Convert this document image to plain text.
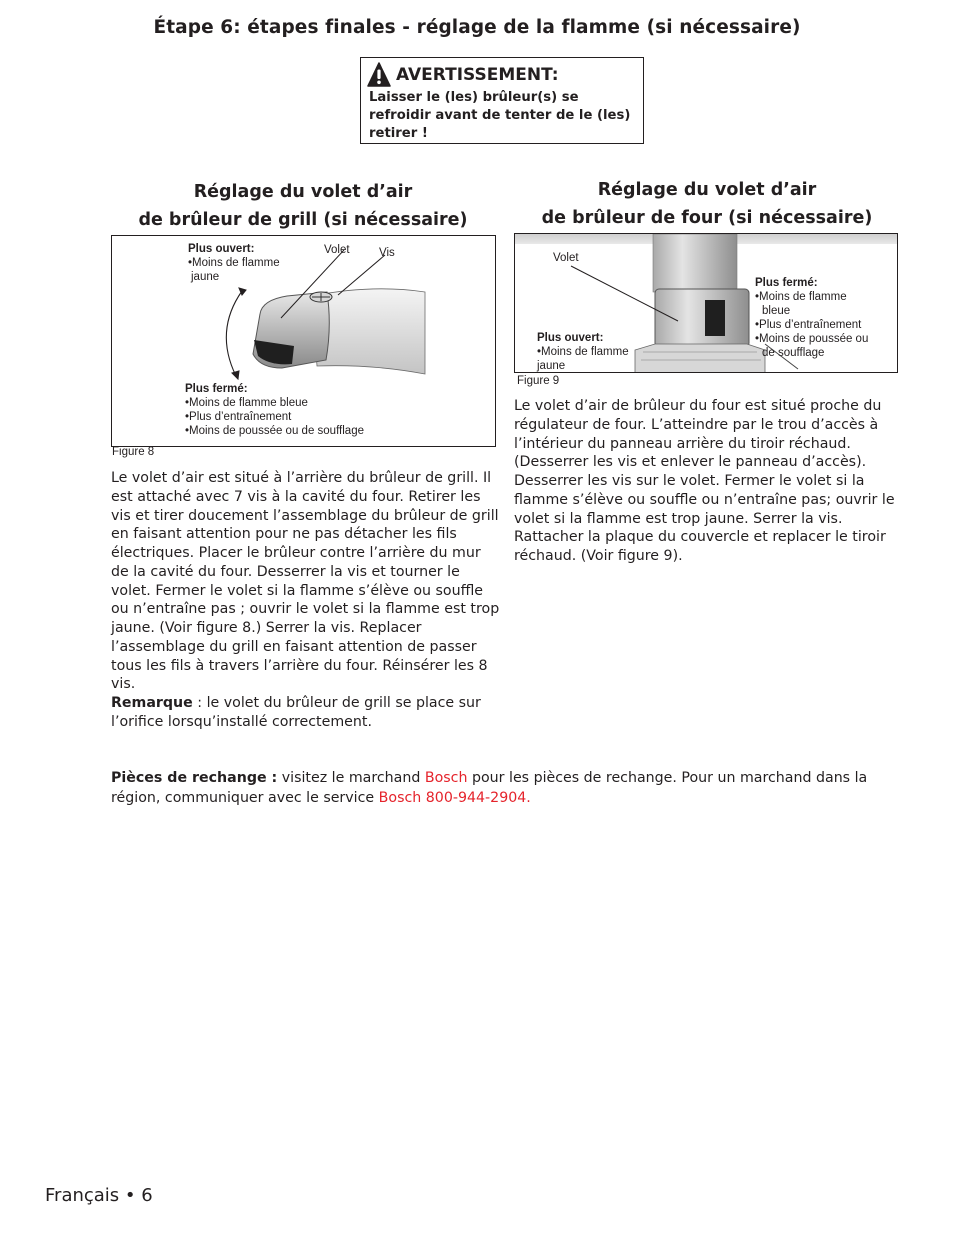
Étape 6: étapes finales - réglage de la flamme (si nécessaire)
AVERTISSEMENT:
Laisser le (les) brûleur(s) se refroidir avant de tenter de le (les) retirer !
Réglage du volet d’air
de brûleur de grill (si nécessaire)
Plus ouvert:
•Moins de flamme
jaune
Volet	Vis
Plus fermé:
•Moins de flamme bleue
•Plus d’entraînement
•Moins de poussée ou de soufflage
Figure 8
Le volet d’air est situé à l’arrière du brûleur de grill. Il est attaché avec 7 vis à la cavité du four. Retirer les vis et tirer doucement l’assemblage du brûleur de grill en faisant attention pour ne pas détacher les fils électriques. Placer le brûleur contre l’arrière du mur de la cavité du four. Desserrer la vis et tourner le volet. Fermer le volet si la flamme s’élève ou souffle ou n’entraîne pas ; ouvrir le volet si la flamme est trop jaune. (Voir figure 8.) Serrer la vis. Replacer l’assemblage du grill en faisant attention de passer tous les fils à travers l’arrière du four. Réinsérer les 8 vis.
Remarque : le volet du brûleur de grill se place sur l’orifice lorsqu’installé correctement.
Réglage du volet d’air
de brûleur de four (si nécessaire)
Volet
Plus fermé:
•Moins de flamme
bleue
•Plus d’entraînement
•Moins de poussée ou
de soufflage
Plus ouvert:
•Moins de flamme
jaune
Figure 9
Le volet d’air de brûleur du four est situé proche du régulateur de four. L’atteindre par le trou d’accès à l’intérieur du panneau arrière du tiroir réchaud. (Desserrer les vis et enlever le panneau d’accès). Desserrer les vis sur le volet. Fermer le volet si la flamme s’élève ou souffle ou n’entraîne pas; ouvrir le volet si la flamme est trop jaune. Serrer la vis. Rattacher la plaque du couvercle et replacer le tiroir réchaud. (Voir figure 9).
Pièces de rechange : visitez le marchand Bosch pour les pièces de rechange. Pour un marchand dans la région, communiquer avec le service Bosch 800-944-2904.
Français • 6
